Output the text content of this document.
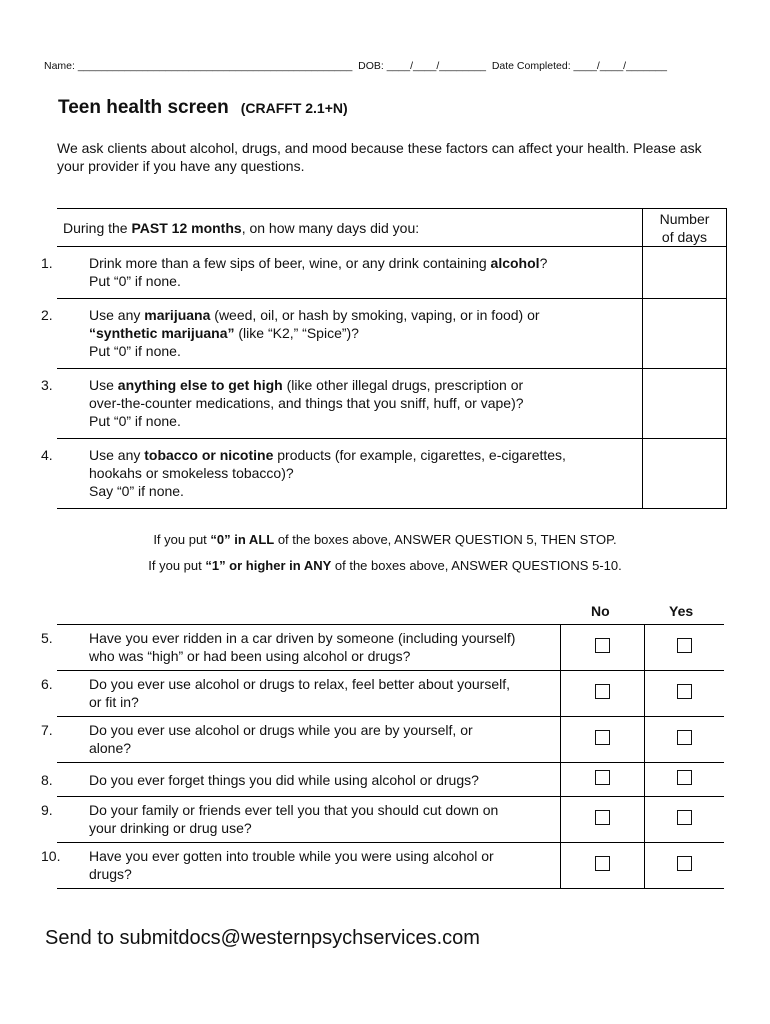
Name: _______________________________________________  DOB: ____/____/________  Date Completed: ____/____/_______
Teen health screen (CRAFFT 2.1+N)

We ask clients about alcohol, drugs, and mood because these factors can affect your health. Please ask your provider if you have any questions.

During the PAST 12 months, on how many days did you:	Number
of days

1. Drink more than a few sips of beer, wine, or any drink containing alcohol?
Put “0” if none.	

2. Use any marijuana (weed, oil, or hash by smoking, vaping, or in food) or
“synthetic marijuana” (like “K2,” “Spice”)?
Put “0” if none.	

3. Use anything else to get high (like other illegal drugs, prescription or
over-the-counter medications, and things that you sniff, huff, or vape)?
Put “0” if none.	

4. Use any tobacco or nicotine products (for example, cigarettes, e-cigarettes,
hookahs or smokeless tobacco)?
Say “0” if none.	

If you put “0” in ALL of the boxes above, ANSWER QUESTION 5, THEN STOP.
If you put “1” or higher in ANY of the boxes above, ANSWER QUESTIONS 5-10.
No	Yes
5. Have you ever ridden in a car driven by someone (including yourself)
who was “high” or had been using alcohol or drugs?		

6. Do you ever use alcohol or drugs to relax, feel better about yourself,
or fit in?		

7. Do you ever use alcohol or drugs while you are by yourself, or
alone?		

8. Do you ever forget things you did while using alcohol or drugs?		

9. Do your family or friends ever tell you that you should cut down on
your drinking or drug use?		

10. Have you ever gotten into trouble while you were using alcohol or
drugs?		

Send to submitdocs@westernpsychservices.com
